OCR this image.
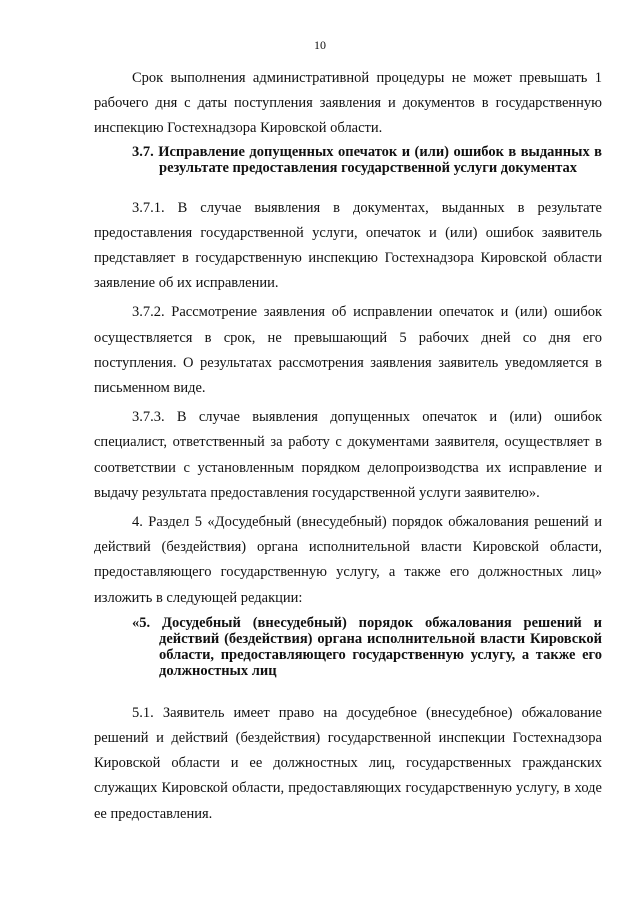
10

Срок выполнения административной процедуры не может превышать 1 рабочего дня с даты поступления заявления и документов в государственную инспекцию Гостехнадзора Кировской области.

3.7. Исправление допущенных опечаток и (или) ошибок в выданных в результате предоставления государственной услуги документах

3.7.1. В случае выявления в документах, выданных в результате предоставления государственной услуги, опечаток и (или) ошибок заявитель представляет в государственную инспекцию Гостехнадзора Кировской области заявление об их исправлении.

3.7.2. Рассмотрение заявления об исправлении опечаток и (или) ошибок осуществляется в срок, не превышающий 5 рабочих дней со дня его поступления. О результатах рассмотрения заявления заявитель уведомляется в письменном виде.

3.7.3. В случае выявления допущенных опечаток и (или) ошибок специалист, ответственный за работу с документами заявителя, осуществляет в соответствии с установленным порядком делопроизводства их исправление и выдачу результата предоставления государственной услуги заявителю».

4. Раздел 5 «Досудебный (внесудебный) порядок обжалования решений и действий (бездействия) органа исполнительной власти Кировской области, предоставляющего государственную услугу, а также его должностных лиц» изложить в следующей редакции:

«5. Досудебный (внесудебный) порядок обжалования решений и действий (бездействия) органа исполнительной власти Кировской области, предоставляющего государственную услугу, а также его должностных лиц

5.1. Заявитель имеет право на досудебное (внесудебное) обжалование решений и действий (бездействия) государственной инспекции Гостехнадзора Кировской области и ее должностных лиц, государственных гражданских служащих Кировской области, предоставляющих государственную услугу, в ходе ее предоставления.
